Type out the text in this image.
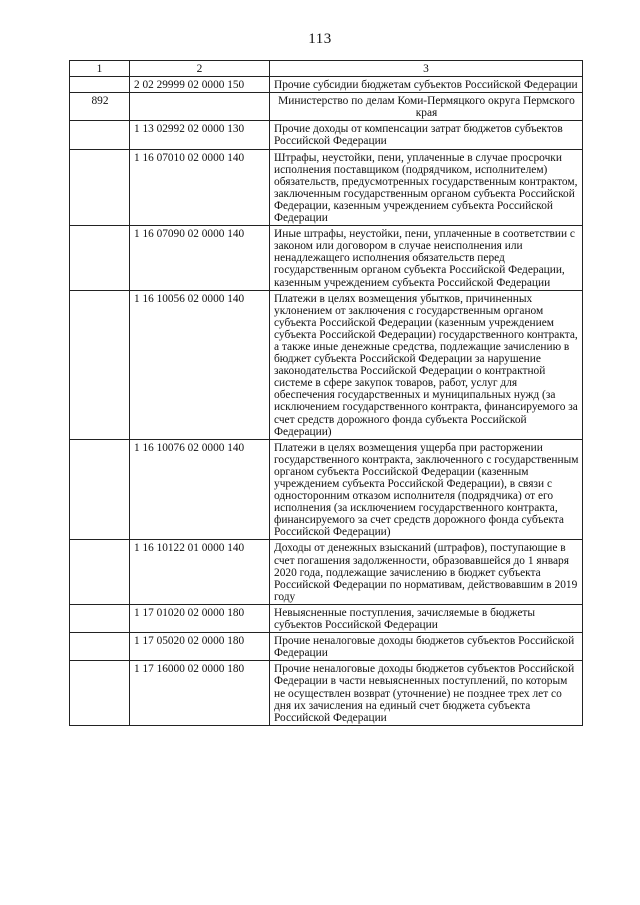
113
1	2	3
	2 02 29999 02 0000 150	Прочие субсидии бюджетам субъектов Российской Федерации
892		Министерство по делам Коми-Пермяцкого округа Пермского края
	1 13 02992 02 0000 130	Прочие доходы от компенсации затрат бюджетов субъектов Российской Федерации
	1 16 07010 02 0000 140	Штрафы, неустойки, пени, уплаченные в случае просрочки исполнения поставщиком (подрядчиком, исполнителем) обязательств, предусмотренных государственным контрактом, заключенным государственным органом субъекта Российской Федерации, казенным учреждением субъекта Российской Федерации
	1 16 07090 02 0000 140	Иные штрафы, неустойки, пени, уплаченные в соответствии с законом или договором в случае неисполнения или ненадлежащего исполнения обязательств перед государственным органом субъекта Российской Федерации, казенным учреждением субъекта Российской Федерации
	1 16 10056 02 0000 140	Платежи в целях возмещения убытков, причиненных уклонением от заключения с государственным органом субъекта Российской Федерации (казенным учреждением субъекта Российской Федерации) государственного контракта, а также иные денежные средства, подлежащие зачислению в бюджет субъекта Российской Федерации за нарушение законодательства Российской Федерации о контрактной системе в сфере закупок товаров, работ, услуг для обеспечения государственных и муниципальных нужд (за исключением государственного контракта, финансируемого за счет средств дорожного фонда субъекта Российской Федерации)
	1 16 10076 02 0000 140	Платежи в целях возмещения ущерба при расторжении государственного контракта, заключенного с государственным органом субъекта Российской Федерации (казенным учреждением субъекта Российской Федерации), в связи с односторонним отказом исполнителя (подрядчика) от его исполнения (за исключением государственного контракта, финансируемого за счет средств дорожного фонда субъекта Российской Федерации)
	1 16 10122 01 0000 140	Доходы от денежных взысканий (штрафов), поступающие в счет погашения задолженности, образовавшейся до 1 января 2020 года, подлежащие зачислению в бюджет субъекта Российской Федерации по нормативам, действовавшим в 2019 году
	1 17 01020 02 0000 180	Невыясненные поступления, зачисляемые в бюджеты субъектов Российской Федерации
	1 17 05020 02 0000 180	Прочие неналоговые доходы бюджетов субъектов Российской Федерации
	1 17 16000 02 0000 180	Прочие неналоговые доходы бюджетов субъектов Российской Федерации в части невыясненных поступлений, по которым не осуществлен возврат (уточнение) не позднее трех лет со дня их зачисления на единый счет бюджета субъекта Российской Федерации
